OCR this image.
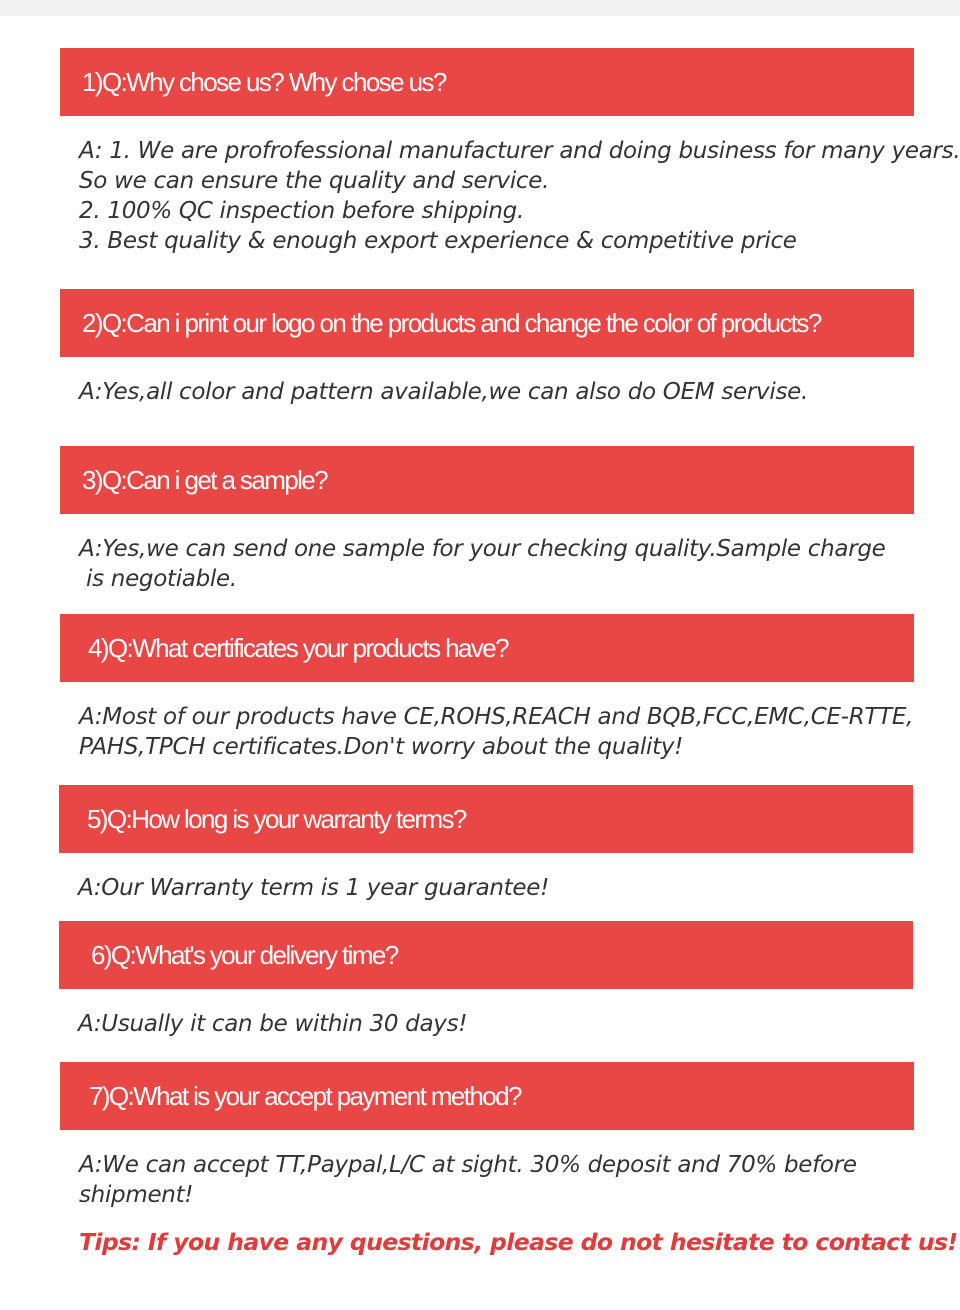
1)Q:Why chose us? Why chose us?
A: 1. We are profrofessional manufacturer and doing business for many years.
So we can ensure the quality and service.
2. 100% QC inspection before shipping.
3. Best quality & enough export experience & competitive price
2)Q:Can i print our logo on the products and change the color of products?
A:Yes,all color and pattern available,we can also do OEM servise.
3)Q:Can i get a sample?
A:Yes,we can send one sample for your checking quality.Sample charge
is negotiable.
4)Q:What certificates your products have?
A:Most of our products have CE,ROHS,REACH and BQB,FCC,EMC,CE-RTTE,
PAHS,TPCH certificates.Don't worry about the quality!
5)Q:How long is your warranty terms?
A:Our Warranty term is 1 year guarantee!
6)Q:What's your delivery time?
A:Usually it can be within 30 days!
7)Q:What is your accept payment method?
A:We can accept TT,Paypal,L/C at sight. 30% deposit and 70% before
shipment!
Tips: If you have any questions, please do not hesitate to contact us!
